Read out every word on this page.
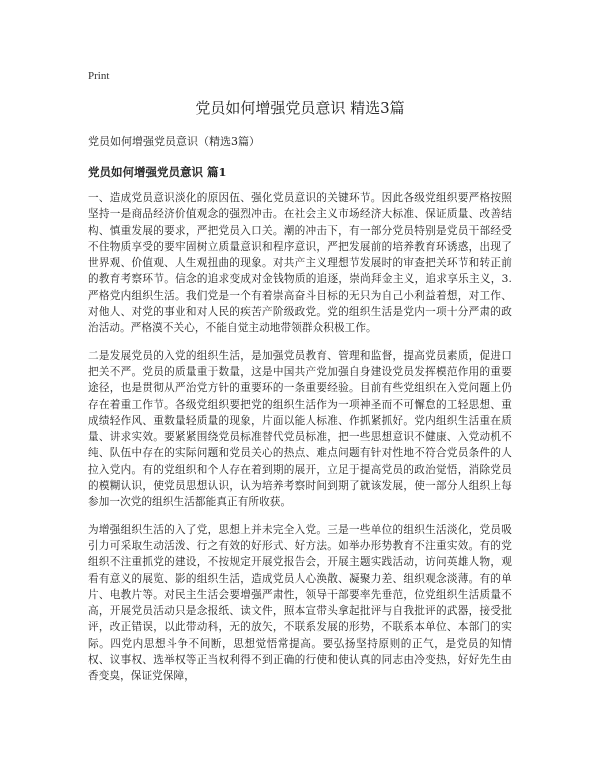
Print
党员如何增强党员意识 精选3篇

党员如何增强党员意识（精选3篇）

党员如何增强党员意识 篇1

一、造成党员意识淡化的原因伍、强化党员意识的关键环节。因此各级党组织要严格按照坚持一是商品经济价值观念的强烈冲击。在社会主义市场经济大标准、保证质量、改善结构、慎重发展的要求，严把党员入口关。潮的冲击下，有一部分党员特别是党员干部经受不住物质享受的要牢固树立质量意识和程序意识，严把发展前的培养教育环诱惑，出现了世界观、价值观、人生观扭曲的现象。对共产主义理想节发展时的审查把关环节和转正前的教育考察环节。信念的追求变成对金钱物质的追逐，崇尚拜金主义，追求享乐主义，3.严格党内组织生活。我们党是一个有着崇高奋斗目标的无只为自己小利益着想，对工作、对他人、对党的事业和对人民的疾苦产阶级政党。党的组织生活是党内一项十分严肃的政治活动。严格漠不关心，不能自觉主动地带领群众积极工作。

二是发展党员的入党的组织生活，是加强党员教育、管理和监督，提高党员素质，促进口把关不严。党员的质量重于数量，这是中国共产党加强自身建设党员发挥模范作用的重要途径，也是贯彻从严治党方针的重要环的一条重要经验。目前有些党组织在入党问题上仍存在着重工作节。各级党组织要把党的组织生活作为一项神圣而不可懈怠的工轻思想、重成绩轻作风、重数量轻质量的现象，片面以能人标准、作抓紧抓好。党内组织生活重在质量、讲求实效。要紧紧围绕党员标准替代党员标准，把一些思想意识不健康、入党动机不纯、队伍中存在的实际问题和党员关心的热点、难点问题有针对性地不符合党员条件的人拉入党内。有的党组织和个人存在着到期的展开，立足于提高党员的政治觉悟，消除党员的模糊认识，使党员思想认识，认为培养考察时间到期了就该发展，使一部分人组织上每参加一次党的组织生活都能真正有所收获。

为增强组织生活的入了党，思想上并未完全入党。三是一些单位的组织生活淡化，党员吸引力可采取生动活泼、行之有效的好形式、好方法。如举办形势教育不注重实效。有的党组织不注重抓党的建设，不按规定开展党报告会，开展主题实践活动，访问英雄人物，观看有意义的展览、影的组织生活，造成党员人心涣散、凝聚力差、组织观念淡薄。有的单片、电教片等。对民主生活会要增强严肃性，领导干部要率先垂范，位党组织生活质量不高，开展党员活动只是念报纸、读文件，照本宣带头拿起批评与自我批评的武器，接受批评，改正错误，以此带动科，无的放矢，不联系发展的形势，不联系本单位、本部门的实际。四党内思想斗争不间断，思想觉悟常提高。要弘扬坚持原则的正气，是党员的知情权、议事权、选举权等正当权利得不到正确的行使和使认真的同志由冷变热，好好先生由香变臭，保证党保障，
